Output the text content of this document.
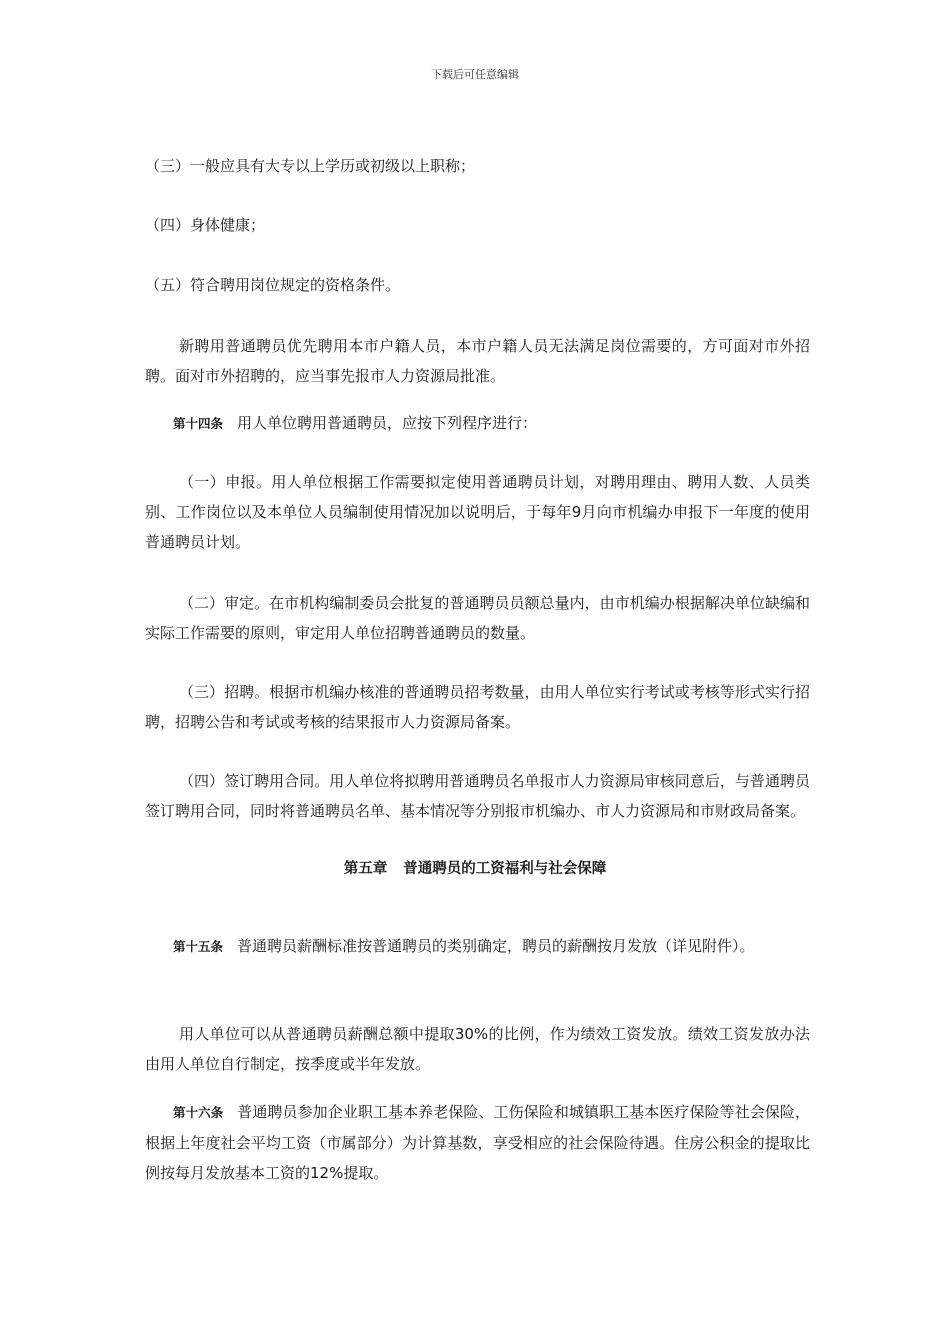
下载后可任意编辑

（三）一般应具有大专以上学历或初级以上职称；

（四）身体健康；

（五）符合聘用岗位规定的资格条件。

新聘用普通聘员优先聘用本市户籍人员，本市户籍人员无法满足岗位需要的，方可面对市外招聘。面对市外招聘的，应当事先报市人力资源局批准。

第十四条 用人单位聘用普通聘员，应按下列程序进行：

（一）申报。用人单位根据工作需要拟定使用普通聘员计划，对聘用理由、聘用人数、人员类别、工作岗位以及本单位人员编制使用情况加以说明后，于每年9月向市机编办申报下一年度的使用普通聘员计划。

（二）审定。在市机构编制委员会批复的普通聘员员额总量内，由市机编办根据解决单位缺编和实际工作需要的原则，审定用人单位招聘普通聘员的数量。

（三）招聘。根据市机编办核准的普通聘员招考数量，由用人单位实行考试或考核等形式实行招聘，招聘公告和考试或考核的结果报市人力资源局备案。

（四）签订聘用合同。用人单位将拟聘用普通聘员名单报市人力资源局审核同意后，与普通聘员签订聘用合同，同时将普通聘员名单、基本情况等分别报市机编办、市人力资源局和市财政局备案。

第五章 普通聘员的工资福利与社会保障

第十五条 普通聘员薪酬标准按普通聘员的类别确定，聘员的薪酬按月发放（详见附件）。

用人单位可以从普通聘员薪酬总额中提取30%的比例，作为绩效工资发放。绩效工资发放办法由用人单位自行制定，按季度或半年发放。

第十六条 普通聘员参加企业职工基本养老保险、工伤保险和城镇职工基本医疗保险等社会保险，根据上年度社会平均工资（市属部分）为计算基数，享受相应的社会保险待遇。住房公积金的提取比例按每月发放基本工资的12%提取。
